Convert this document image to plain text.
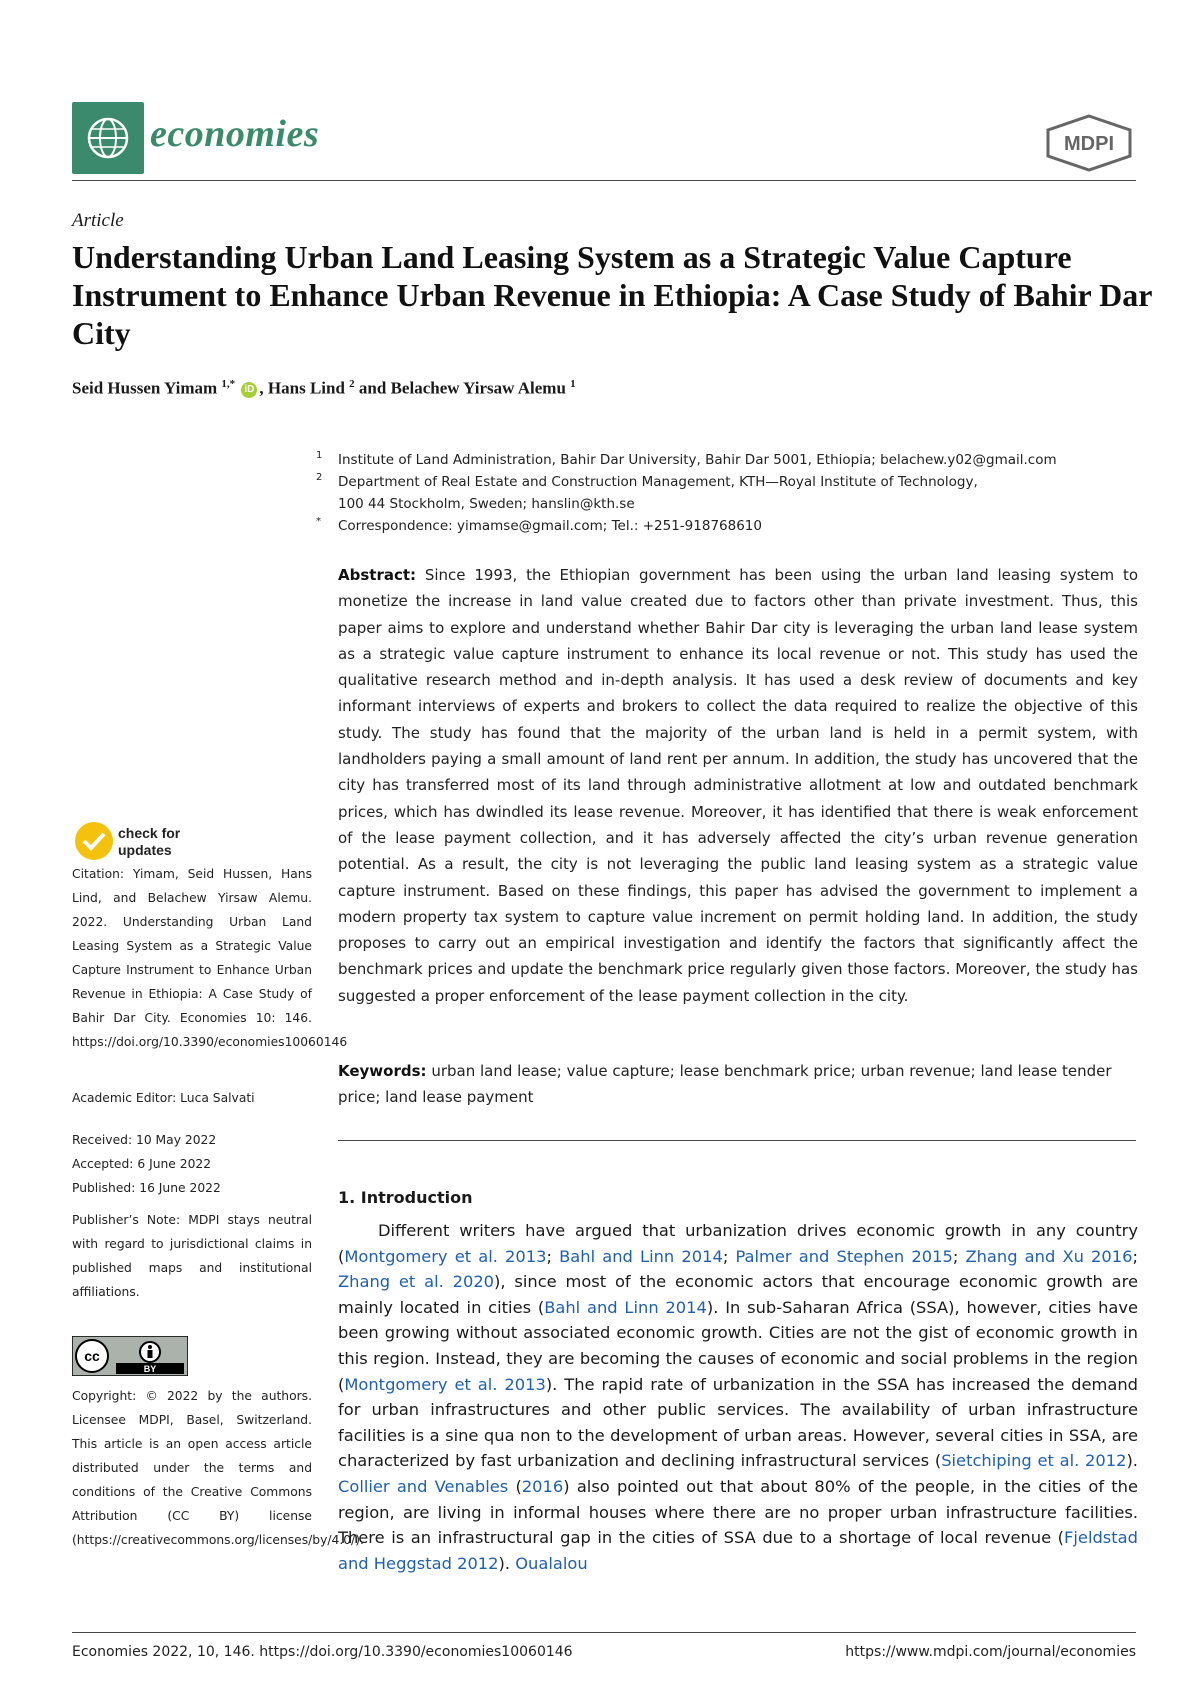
economies	MDPI
Article
Understanding Urban Land Leasing System as a Strategic Value Capture Instrument to Enhance Urban Revenue in Ethiopia: A Case Study of Bahir Dar City
Seid Hussen Yimam $^{1,*}$ iD , Hans Lind $^2$ and Belachew Yirsaw Alemu $^1$
1 Institute of Land Administration, Bahir Dar University, Bahir Dar 5001, Ethiopia; belachew.y02@gmail.com
2 Department of Real Estate and Construction Management, KTH—Royal Institute of Technology,
100 44 Stockholm, Sweden; hanslin@kth.se
* Correspondence: yimamse@gmail.com; Tel.: +251-918768610
Abstract: Since 1993, the Ethiopian government has been using the urban land leasing system to monetize the increase in land value created due to factors other than private investment. Thus, this paper aims to explore and understand whether Bahir Dar city is leveraging the urban land lease system as a strategic value capture instrument to enhance its local revenue or not. This study has used the qualitative research method and in-depth analysis. It has used a desk review of documents and key informant interviews of experts and brokers to collect the data required to realize the objective of this study. The study has found that the majority of the urban land is held in a permit system, with landholders paying a small amount of land rent per annum. In addition, the study has uncovered that the city has transferred most of its land through administrative allotment at low and outdated benchmark prices, which has dwindled its lease revenue. Moreover, it has identified that there is weak enforcement of the lease payment collection, and it has adversely affected the city’s urban revenue generation potential. As a result, the city is not leveraging the public land leasing system as a strategic value capture instrument. Based on these findings, this paper has advised the government to implement a modern property tax system to capture value increment on permit holding land. In addition, the study proposes to carry out an empirical investigation and identify the factors that significantly affect the benchmark prices and update the benchmark price regularly given those factors. Moreover, the study has suggested a proper enforcement of the lease payment collection in the city.
Keywords: urban land lease; value capture; lease benchmark price; urban revenue; land lease tender price; land lease payment
1. Introduction
Different writers have argued that urbanization drives economic growth in any country (Montgomery et al. 2013; Bahl and Linn 2014; Palmer and Stephen 2015; Zhang and Xu 2016; Zhang et al. 2020), since most of the economic actors that encourage economic growth are mainly located in cities (Bahl and Linn 2014). In sub-Saharan Africa (SSA), however, cities have been growing without associated economic growth. Cities are not the gist of economic growth in this region. Instead, they are becoming the causes of economic and social problems in the region (Montgomery et al. 2013). The rapid rate of urbanization in the SSA has increased the demand for urban infrastructures and other public services. The availability of urban infrastructure facilities is a sine qua non to the development of urban areas. However, several cities in SSA, are characterized by fast urbanization and declining infrastructural services (Sietchiping et al. 2012). Collier and Venables (2016) also pointed out that about 80% of the people, in the cities of the region, are living in informal houses where there are no proper urban infrastructure facilities. There is an infrastructural gap in the cities of SSA due to a shortage of local revenue (Fjeldstad and Heggstad 2012). Oualalou
check for
updates
Citation: Yimam, Seid Hussen, Hans Lind, and Belachew Yirsaw Alemu. 2022. Understanding Urban Land Leasing System as a Strategic Value Capture Instrument to Enhance Urban Revenue in Ethiopia: A Case Study of Bahir Dar City. Economies 10: 146. https://doi.org/10.3390/economies10060146
Academic Editor: Luca Salvati
Received: 10 May 2022
Accepted: 6 June 2022
Published: 16 June 2022
Publisher’s Note: MDPI stays neutral with regard to jurisdictional claims in published maps and institutional affiliations.
cc
BY
Copyright: © 2022 by the authors. Licensee MDPI, Basel, Switzerland. This article is an open access article distributed under the terms and conditions of the Creative Commons Attribution (CC BY) license (https://creativecommons.org/licenses/by/4.0/).
Economies 2022, 10, 146. https://doi.org/10.3390/economies10060146	https://www.mdpi.com/journal/economies
